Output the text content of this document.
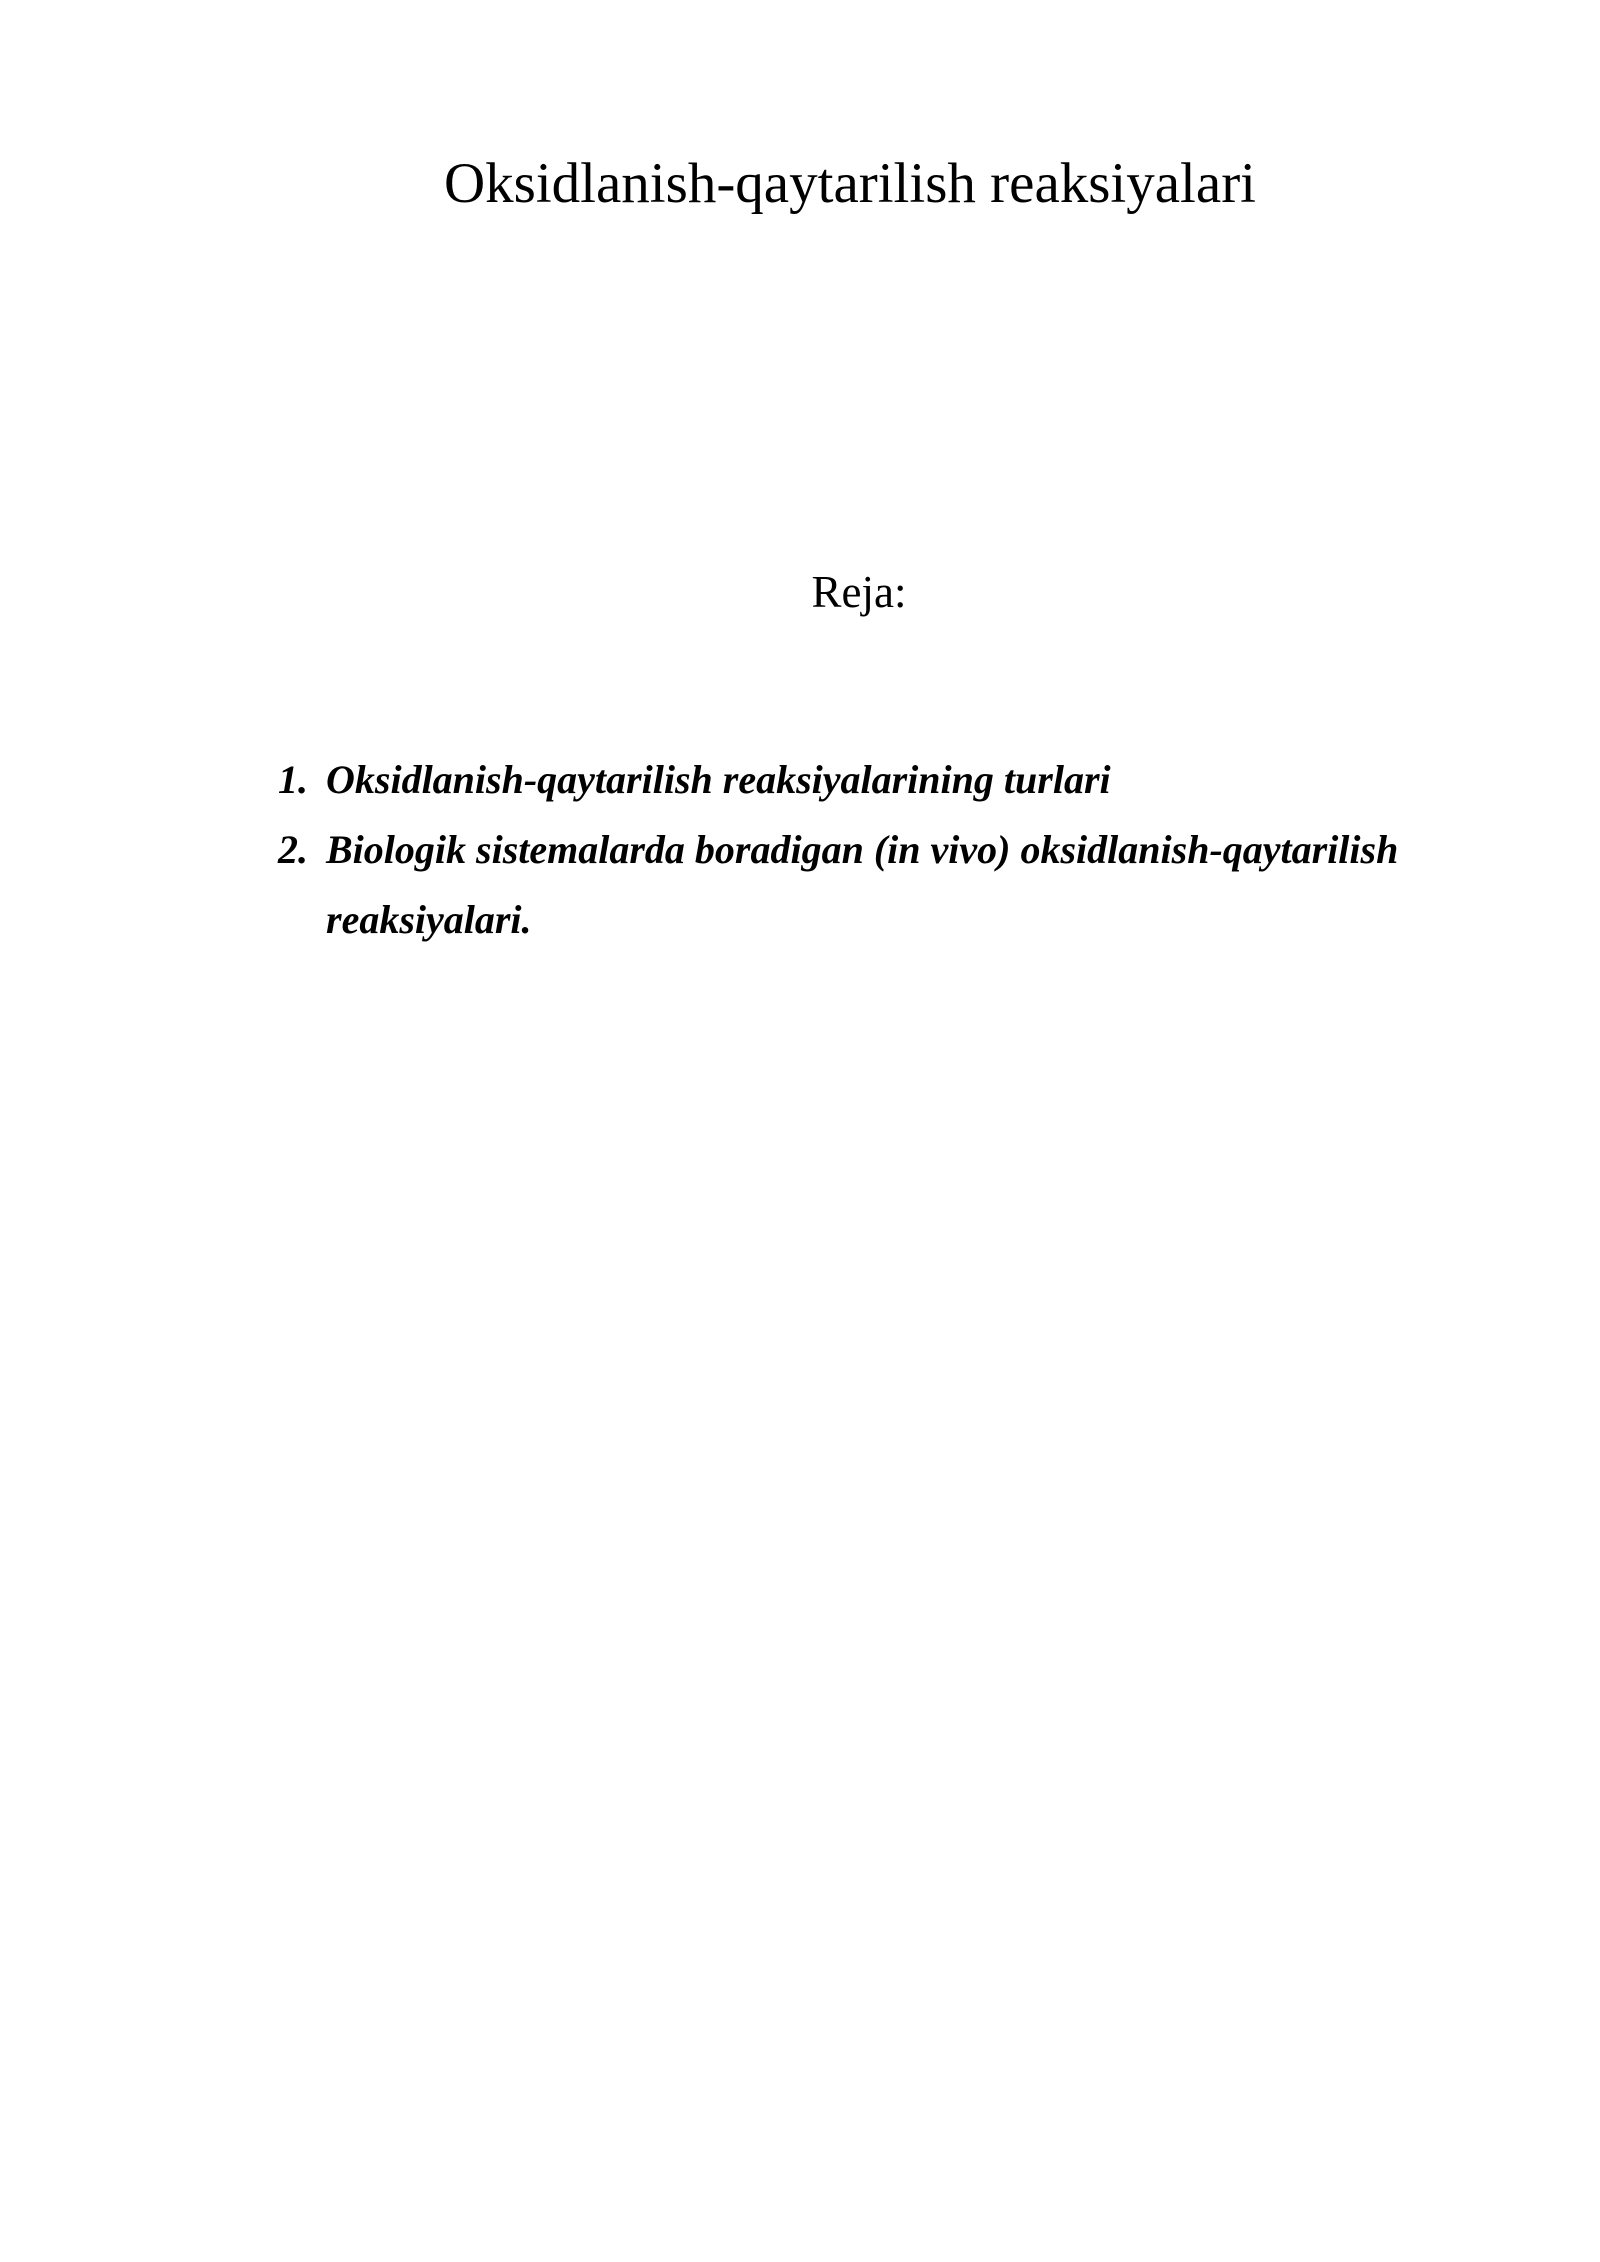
Oksidlanish-qaytarilish reaksiyalari
Reja:
1. Oksidlanish-qaytarilish reaksiyalarining turlari
2. Biologik sistemalarda boradigan (in vivo) oksidlanish-qaytarilish reaksiyalari.
